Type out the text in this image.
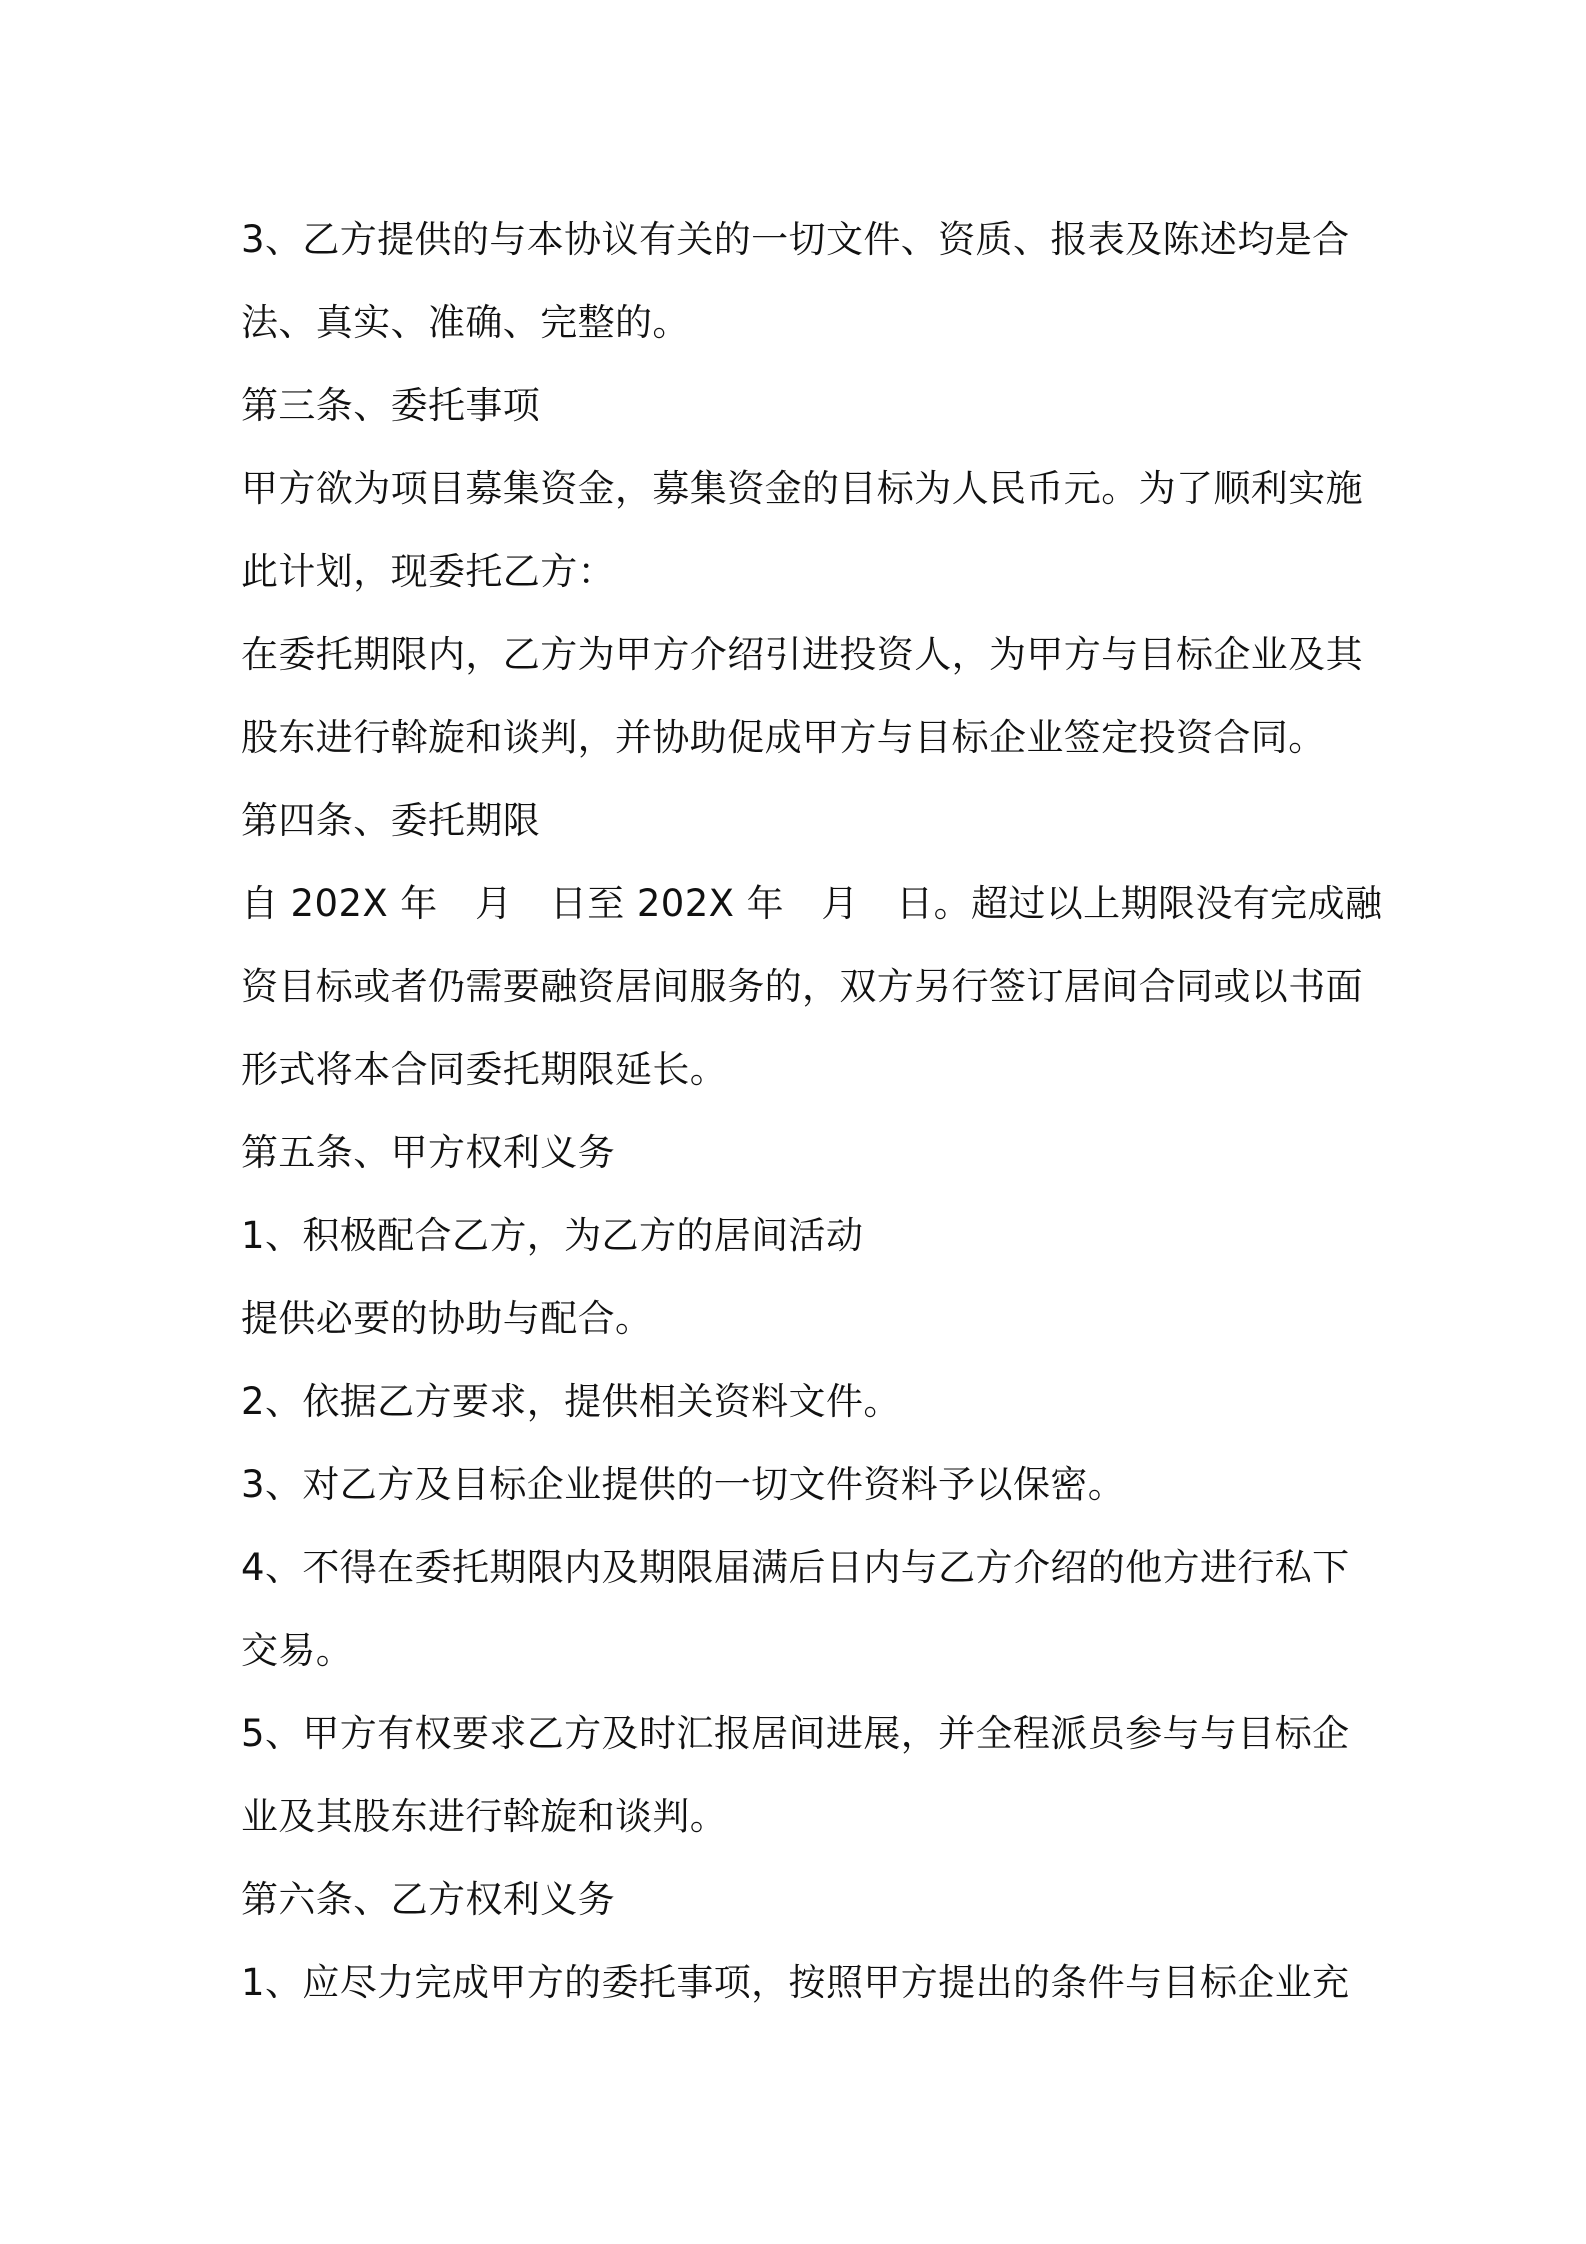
3、乙方提供的与本协议有关的一切文件、资质、报表及陈述均是合
法、真实、准确、完整的。
第三条、委托事项
甲方欲为项目募集资金，募集资金的目标为人民币元。为了顺利实施
此计划，现委托乙方：
在委托期限内，乙方为甲方介绍引进投资人，为甲方与目标企业及其
股东进行斡旋和谈判，并协助促成甲方与目标企业签定投资合同。
第四条、委托期限
自 202X 年　月　日至 202X 年　月　日。超过以上期限没有完成融
资目标或者仍需要融资居间服务的，双方另行签订居间合同或以书面
形式将本合同委托期限延长。
第五条、甲方权利义务
1、积极配合乙方，为乙方的居间活动
提供必要的协助与配合。
2、依据乙方要求，提供相关资料文件。
3、对乙方及目标企业提供的一切文件资料予以保密。
4、不得在委托期限内及期限届满后日内与乙方介绍的他方进行私下
交易。
5、甲方有权要求乙方及时汇报居间进展，并全程派员参与与目标企
业及其股东进行斡旋和谈判。
第六条、乙方权利义务
1、应尽力完成甲方的委托事项，按照甲方提出的条件与目标企业充
